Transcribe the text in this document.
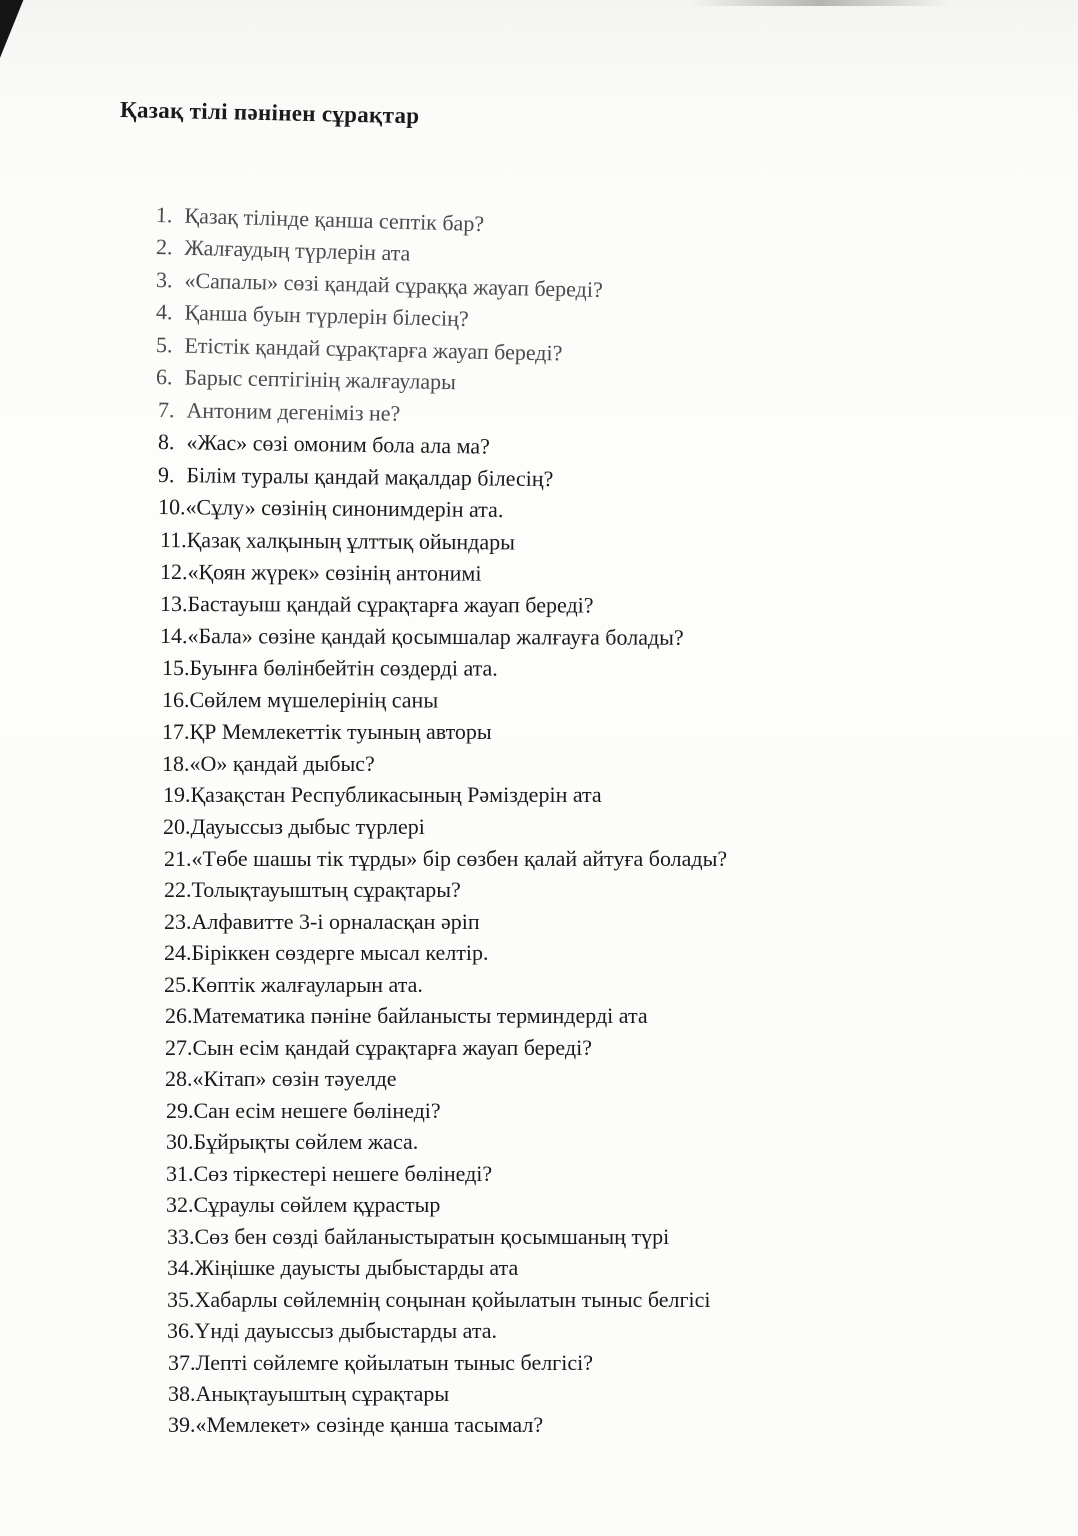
Қазақ тілі пәнінен сұрақтар
1. Қазақ тілінде қанша септік бар?
2. Жалғаудың түрлерін ата
3. «Сапалы» сөзі қандай сұраққа жауап береді?
4. Қанша буын түрлерін білесің?
5. Етістік қандай сұрақтарға жауап береді?
6. Барыс септігінің жалғаулары
7. Антоним дегеніміз не?
8. «Жас» сөзі омоним бола ала ма?
9. Білім туралы қандай мақалдар білесің?
10.«Сұлу» сөзінің синонимдерін ата.
11.Қазақ халқының ұлттық ойындары
12.«Қоян жүрек» сөзінің антонимі
13.Бастауыш қандай сұрақтарға жауап береді?
14.«Бала» сөзіне қандай қосымшалар жалғауға болады?
15.Буынға бөлінбейтін сөздерді ата.
16.Сөйлем мүшелерінің саны
17.ҚР Мемлекеттік туының авторы
18.«О» қандай дыбыс?
19.Қазақстан Республикасының Рәміздерін ата
20.Дауыссыз дыбыс түрлері
21.«Төбе шашы тік тұрды» бір сөзбен қалай айтуға болады?
22.Толықтауыштың сұрақтары?
23.Алфавитте 3-і орналасқан әріп
24.Біріккен сөздерге мысал келтір.
25.Көптік жалғауларын ата.
26.Математика пәніне байланысты терминдерді ата
27.Сын есім қандай сұрақтарға жауап береді?
28.«Кітап» сөзін тәуелде
29.Сан есім нешеге бөлінеді?
30.Бұйрықты сөйлем жаса.
31.Сөз тіркестері нешеге бөлінеді?
32.Сұраулы сөйлем құрастыр
33.Сөз бен сөзді байланыстыратын қосымшаның түрі
34.Жіңішке дауысты дыбыстарды ата
35.Хабарлы сөйлемнің соңынан қойылатын тыныс белгісі
36.Үнді дауыссыз дыбыстарды ата.
37.Лепті сөйлемге қойылатын тыныс белгісі?
38.Анықтауыштың сұрақтары
39.«Мемлекет» сөзінде қанша тасымал?
